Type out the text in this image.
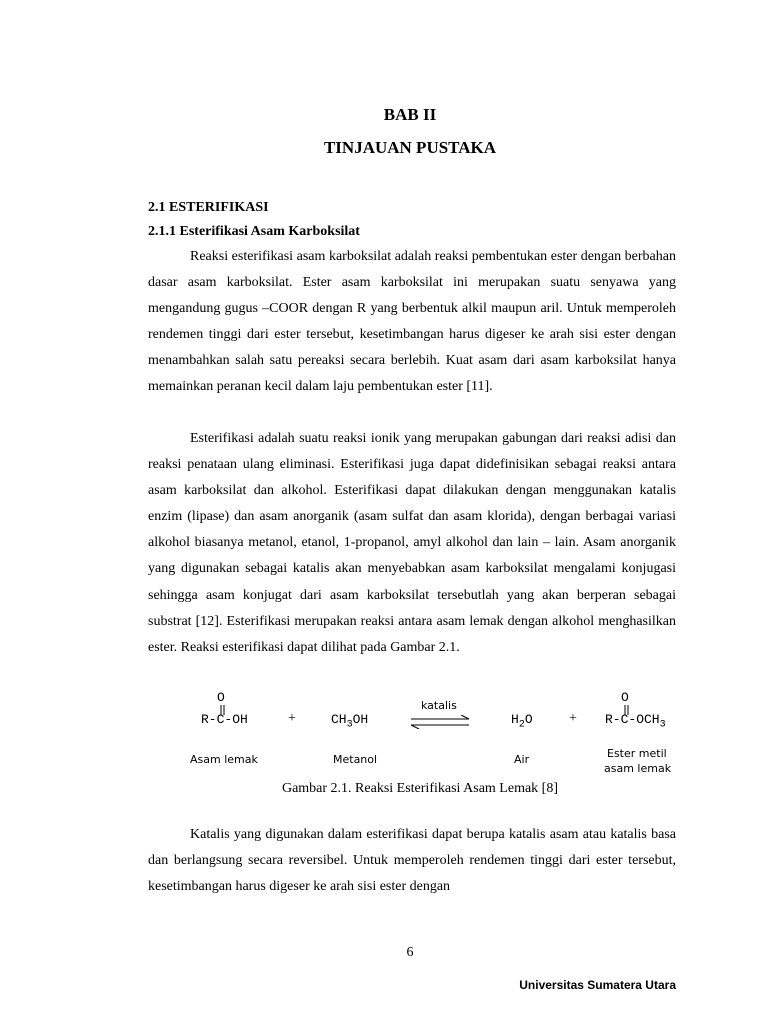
BAB II
TINJAUAN PUSTAKA
2.1 ESTERIFIKASI
2.1.1 Esterifikasi Asam Karboksilat
Reaksi esterifikasi asam karboksilat adalah reaksi pembentukan ester dengan berbahan dasar asam karboksilat. Ester asam karboksilat ini merupakan suatu senyawa yang mengandung gugus –COOR dengan R yang berbentuk alkil maupun aril. Untuk memperoleh rendemen tinggi dari ester tersebut, kesetimbangan harus digeser ke arah sisi ester dengan menambahkan salah satu pereaksi secara berlebih. Kuat asam dari asam karboksilat hanya memainkan peranan kecil dalam laju pembentukan ester [11].
Esterifikasi adalah suatu reaksi ionik yang merupakan gabungan dari reaksi adisi dan reaksi penataan ulang eliminasi. Esterifikasi juga dapat didefinisikan sebagai reaksi antara asam karboksilat dan alkohol. Esterifikasi dapat dilakukan dengan menggunakan katalis enzim (lipase) dan asam anorganik (asam sulfat dan asam klorida), dengan berbagai variasi alkohol biasanya metanol, etanol, 1-propanol, amyl alkohol dan lain – lain. Asam anorganik yang digunakan sebagai katalis akan menyebabkan asam karboksilat mengalami konjugasi sehingga asam konjugat dari asam karboksilat tersebutlah yang akan berperan sebagai substrat [12]. Esterifikasi merupakan reaksi antara asam lemak dengan alkohol menghasilkan ester. Reaksi esterifikasi dapat dilihat pada Gambar 2.1.
O
R-C-OH
Asam lemak
+	$CH_3OH$
Metanol
katalis
$H_2O$
Air
+
O
$R-C-OCH_3$
Ester metil
asam lemak
Gambar 2.1. Reaksi Esterifikasi Asam Lemak [8]
Katalis yang digunakan dalam esterifikasi dapat berupa katalis asam atau katalis basa dan berlangsung secara reversibel. Untuk memperoleh rendemen tinggi dari ester tersebut, kesetimbangan harus digeser ke arah sisi ester dengan
6
Universitas Sumatera Utara
